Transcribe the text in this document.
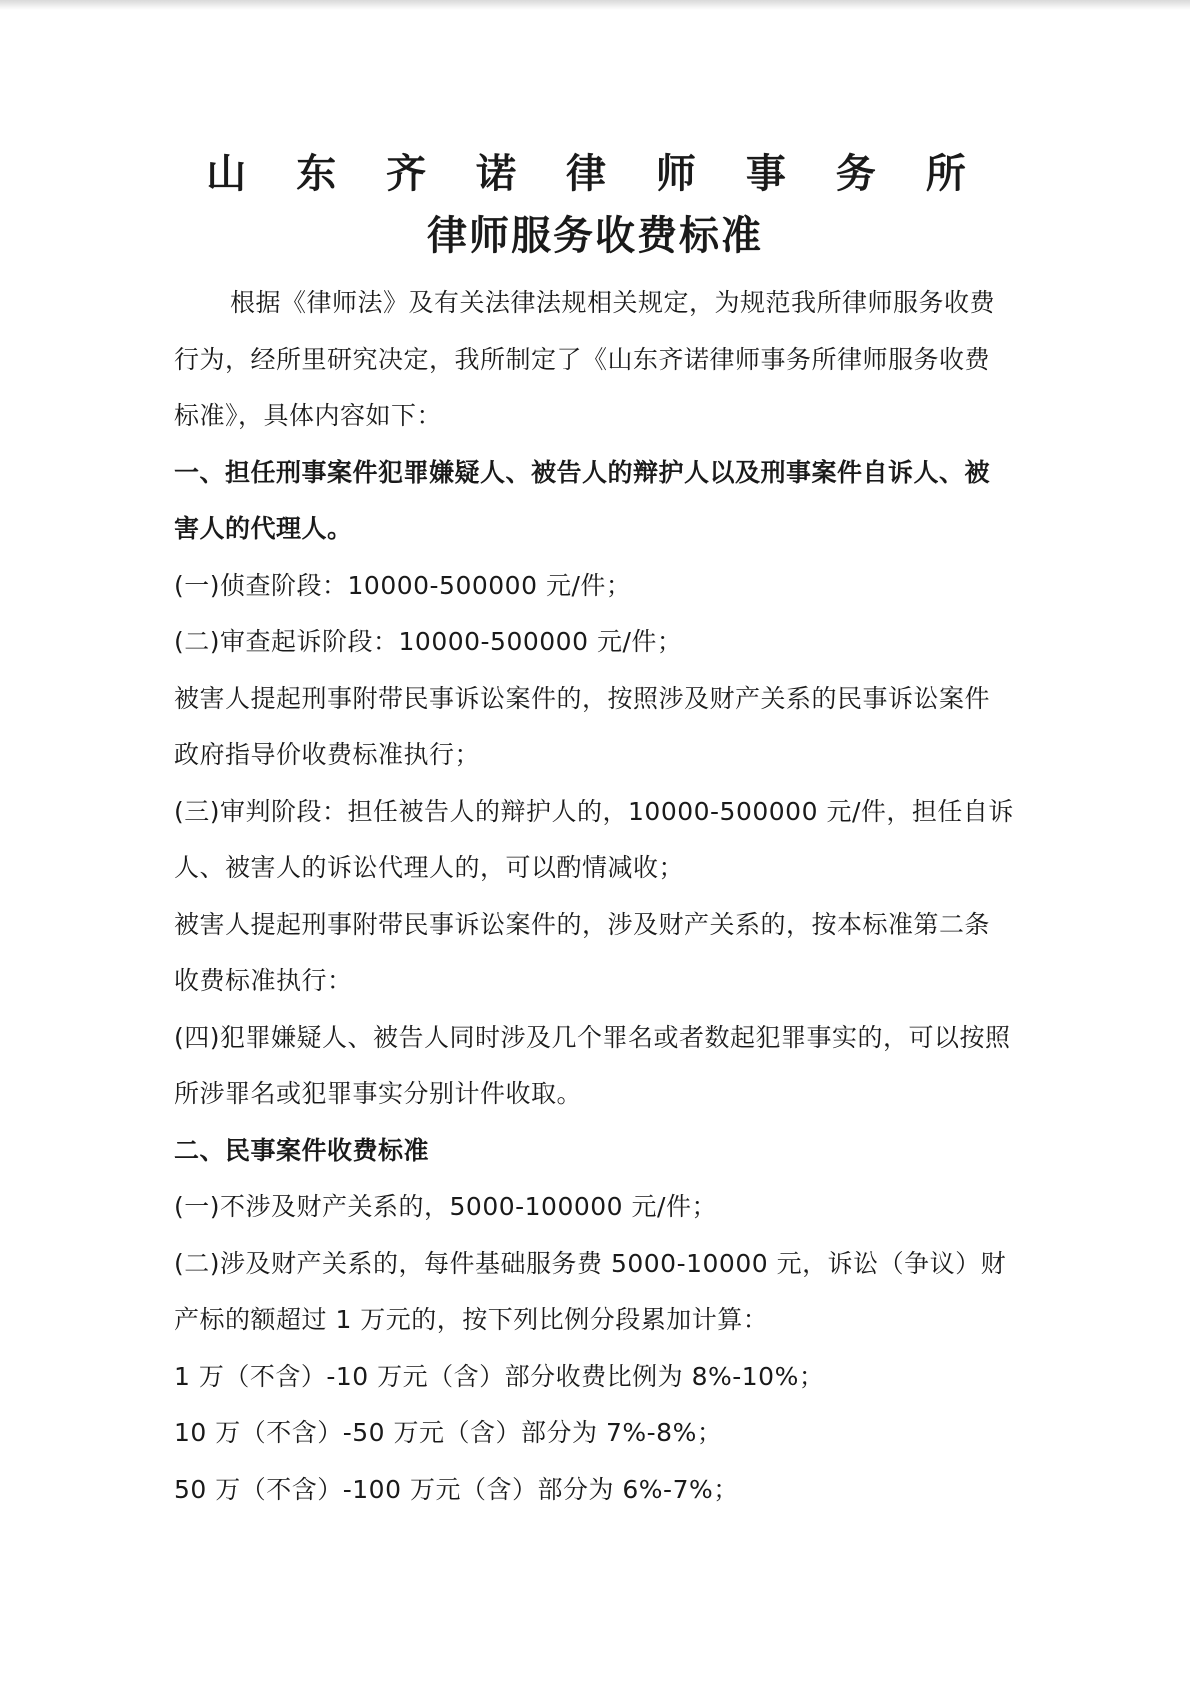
山 东 齐 诺 律 师 事 务 所
律师服务收费标准

根据《律师法》及有关法律法规相关规定，为规范我所律师服务收费行为，经所里研究决定，我所制定了《山东齐诺律师事务所律师服务收费标准》，具体内容如下：

一、担任刑事案件犯罪嫌疑人、被告人的辩护人以及刑事案件自诉人、被害人的代理人。

(一)侦查阶段：10000-500000 元/件；

(二)审查起诉阶段：10000-500000 元/件；

被害人提起刑事附带民事诉讼案件的，按照涉及财产关系的民事诉讼案件政府指导价收费标准执行；

(三)审判阶段：担任被告人的辩护人的，10000-500000 元/件，担任自诉人、被害人的诉讼代理人的，可以酌情减收；

被害人提起刑事附带民事诉讼案件的，涉及财产关系的，按本标准第二条收费标准执行：

(四)犯罪嫌疑人、被告人同时涉及几个罪名或者数起犯罪事实的，可以按照所涉罪名或犯罪事实分别计件收取。

二、民事案件收费标准

(一)不涉及财产关系的，5000-100000 元/件；

(二)涉及财产关系的，每件基础服务费 5000-10000 元，诉讼（争议）财产标的额超过 1 万元的，按下列比例分段累加计算：

1 万（不含）-10 万元（含）部分收费比例为 8%-10%；

10 万（不含）-50 万元（含）部分为 7%-8%；

50 万（不含）-100 万元（含）部分为 6%-7%；
